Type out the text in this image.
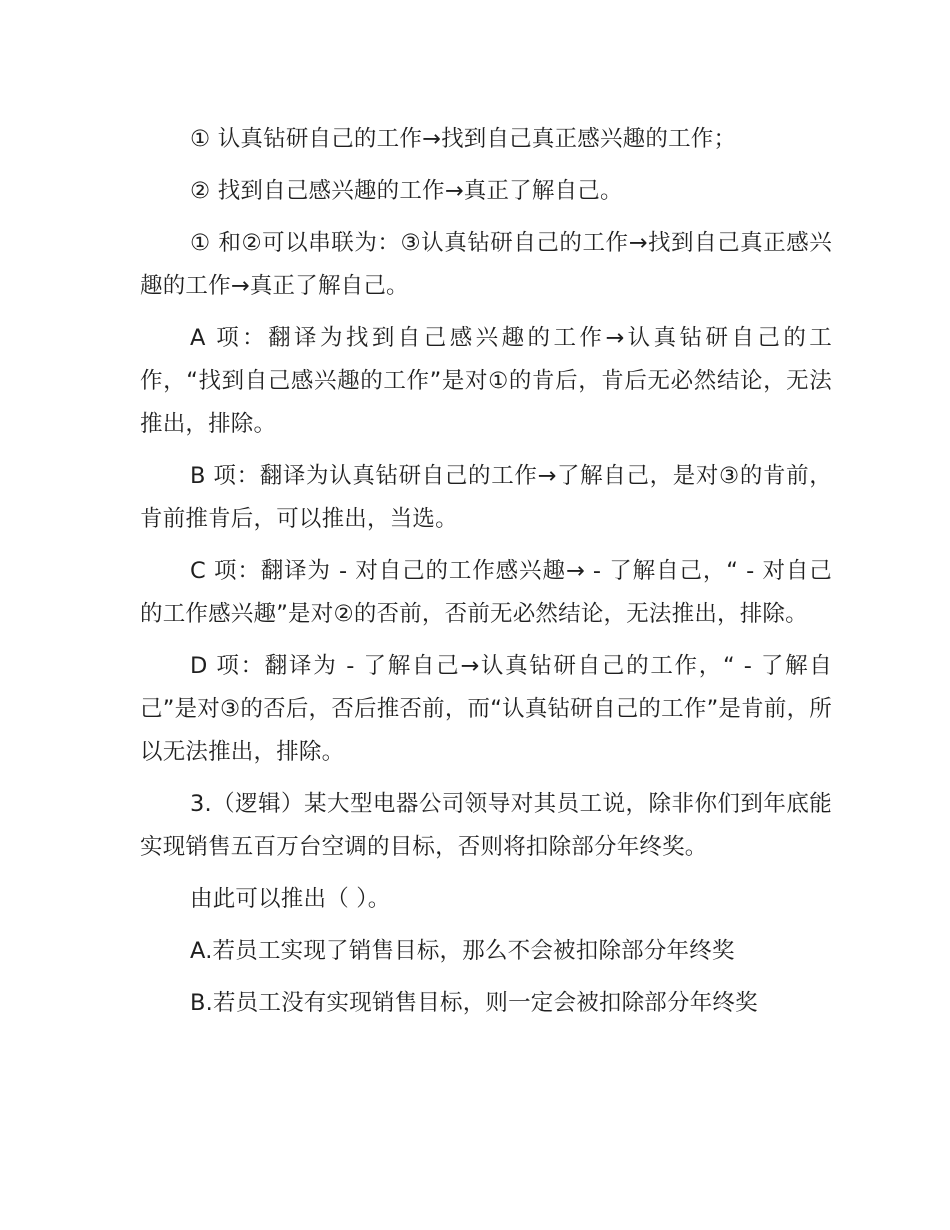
① 认真钻研自己的工作→找到自己真正感兴趣的工作；

② 找到自己感兴趣的工作→真正了解自己。

① 和②可以串联为：③认真钻研自己的工作→找到自己真正感兴趣的工作→真正了解自己。

A 项：翻译为找到自己感兴趣的工作→认真钻研自己的工作，“找到自己感兴趣的工作”是对①的肯后，肯后无必然结论，无法推出，排除。

B 项：翻译为认真钻研自己的工作→了解自己，是对③的肯前，肯前推肯后，可以推出，当选。

C 项：翻译为 - 对自己的工作感兴趣→ - 了解自己，“ - 对自己的工作感兴趣”是对②的否前，否前无必然结论，无法推出，排除。

D 项：翻译为 - 了解自己→认真钻研自己的工作，“ - 了解自己”是对③的否后，否后推否前，而“认真钻研自己的工作”是肯前，所以无法推出，排除。

3.（逻辑）某大型电器公司领导对其员工说，除非你们到年底能实现销售五百万台空调的目标，否则将扣除部分年终奖。

由此可以推出（ ）。

A.若员工实现了销售目标，那么不会被扣除部分年终奖

B.若员工没有实现销售目标，则一定会被扣除部分年终奖
